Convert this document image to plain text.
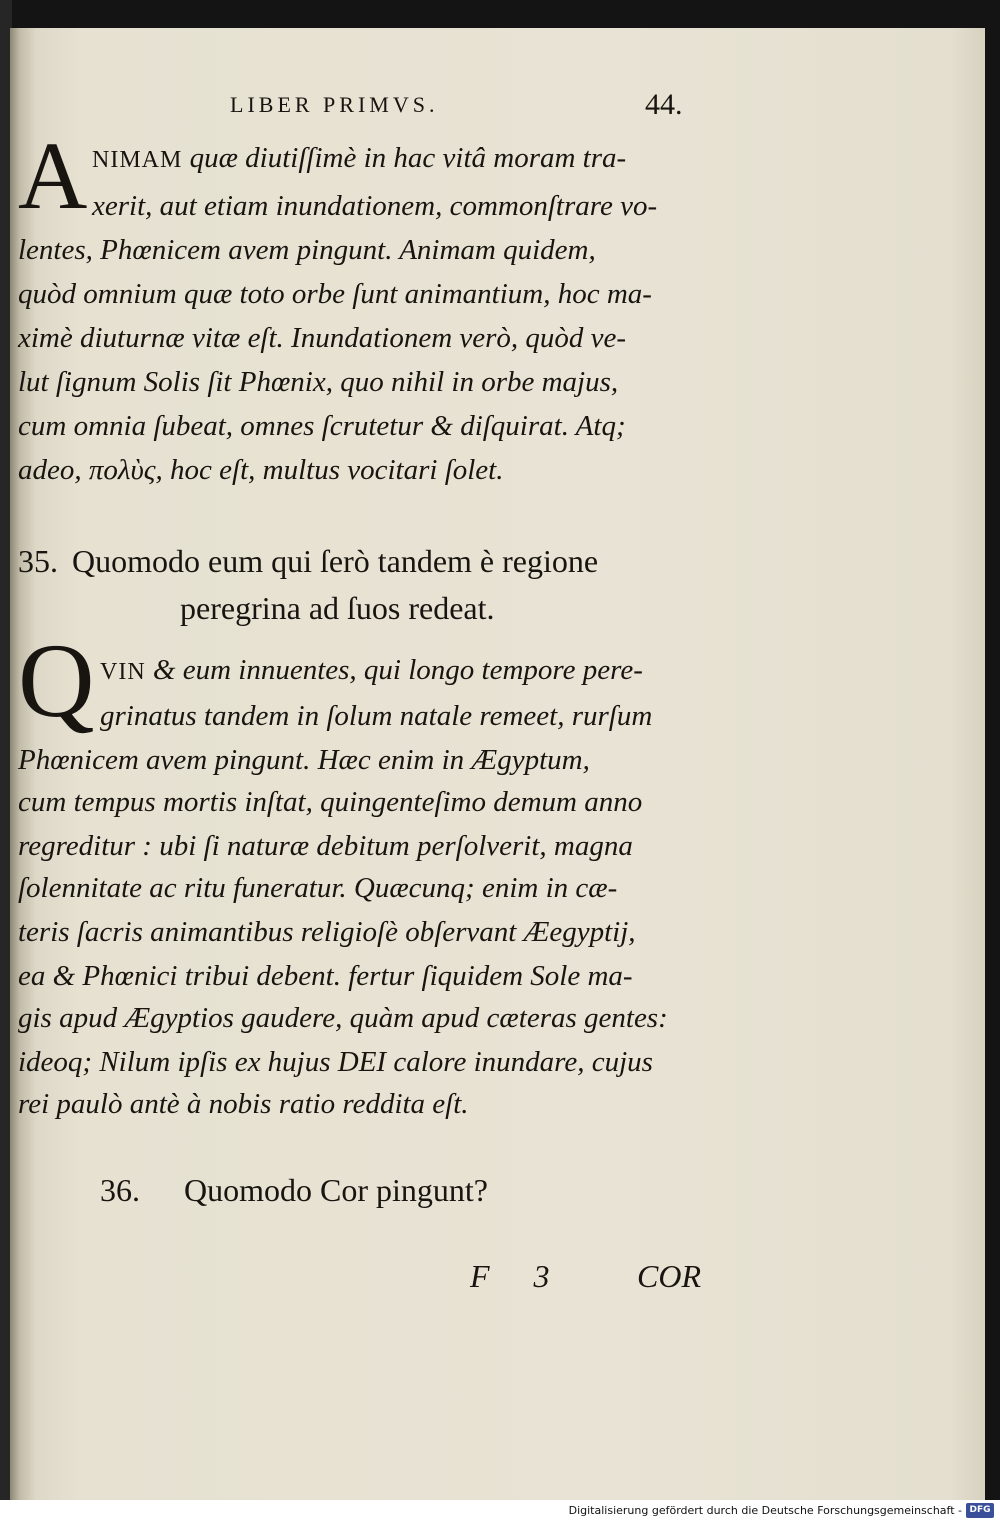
LIBER PRIMVS.	44.
A NIMAM quæ diutiſſimè in hac vitâ moram tra-
xerit, aut etiam inundationem, commonſtrare vo-
lentes, Phœnicem avem pingunt. Animam quidem,
quòd omnium quæ toto orbe ſunt animantium, hoc ma-
ximè diuturnæ vitæ eſt. Inundationem verò, quòd ve-
lut ſignum Solis ſit Phœnix, quo nihil in orbe majus,
cum omnia ſubeat, omnes ſcrutetur & diſquirat. Atq;
adeo, πολὺς, hoc eſt, multus vocitari ſolet.
35. Quomodo eum qui ſerò tandem è regione
peregrina ad ſuos redeat.
Q VIN & eum innuentes, qui longo tempore pere-
grinatus tandem in ſolum natale remeet, rurſum
Phœnicem avem pingunt. Hæc enim in Ægyptum,
cum tempus mortis inſtat, quingenteſimo demum anno
regreditur : ubi ſi naturæ debitum perſolverit, magna
ſolennitate ac ritu funeratur. Quæcunq; enim in cæ-
teris ſacris animantibus religioſè obſervant Æegyptij,
ea & Phœnici tribui debent. fertur ſiquidem Sole ma-
gis apud Ægyptios gaudere, quàm apud cæteras gentes:
ideoq; Nilum ipſis ex hujus DEI calore inundare, cujus
rei paulò antè à nobis ratio reddita eſt.
36. Quomodo Cor pingunt?
F 3 COR
Digitalisierung gefördert durch die Deutsche Forschungsgemeinschaft - DFG
